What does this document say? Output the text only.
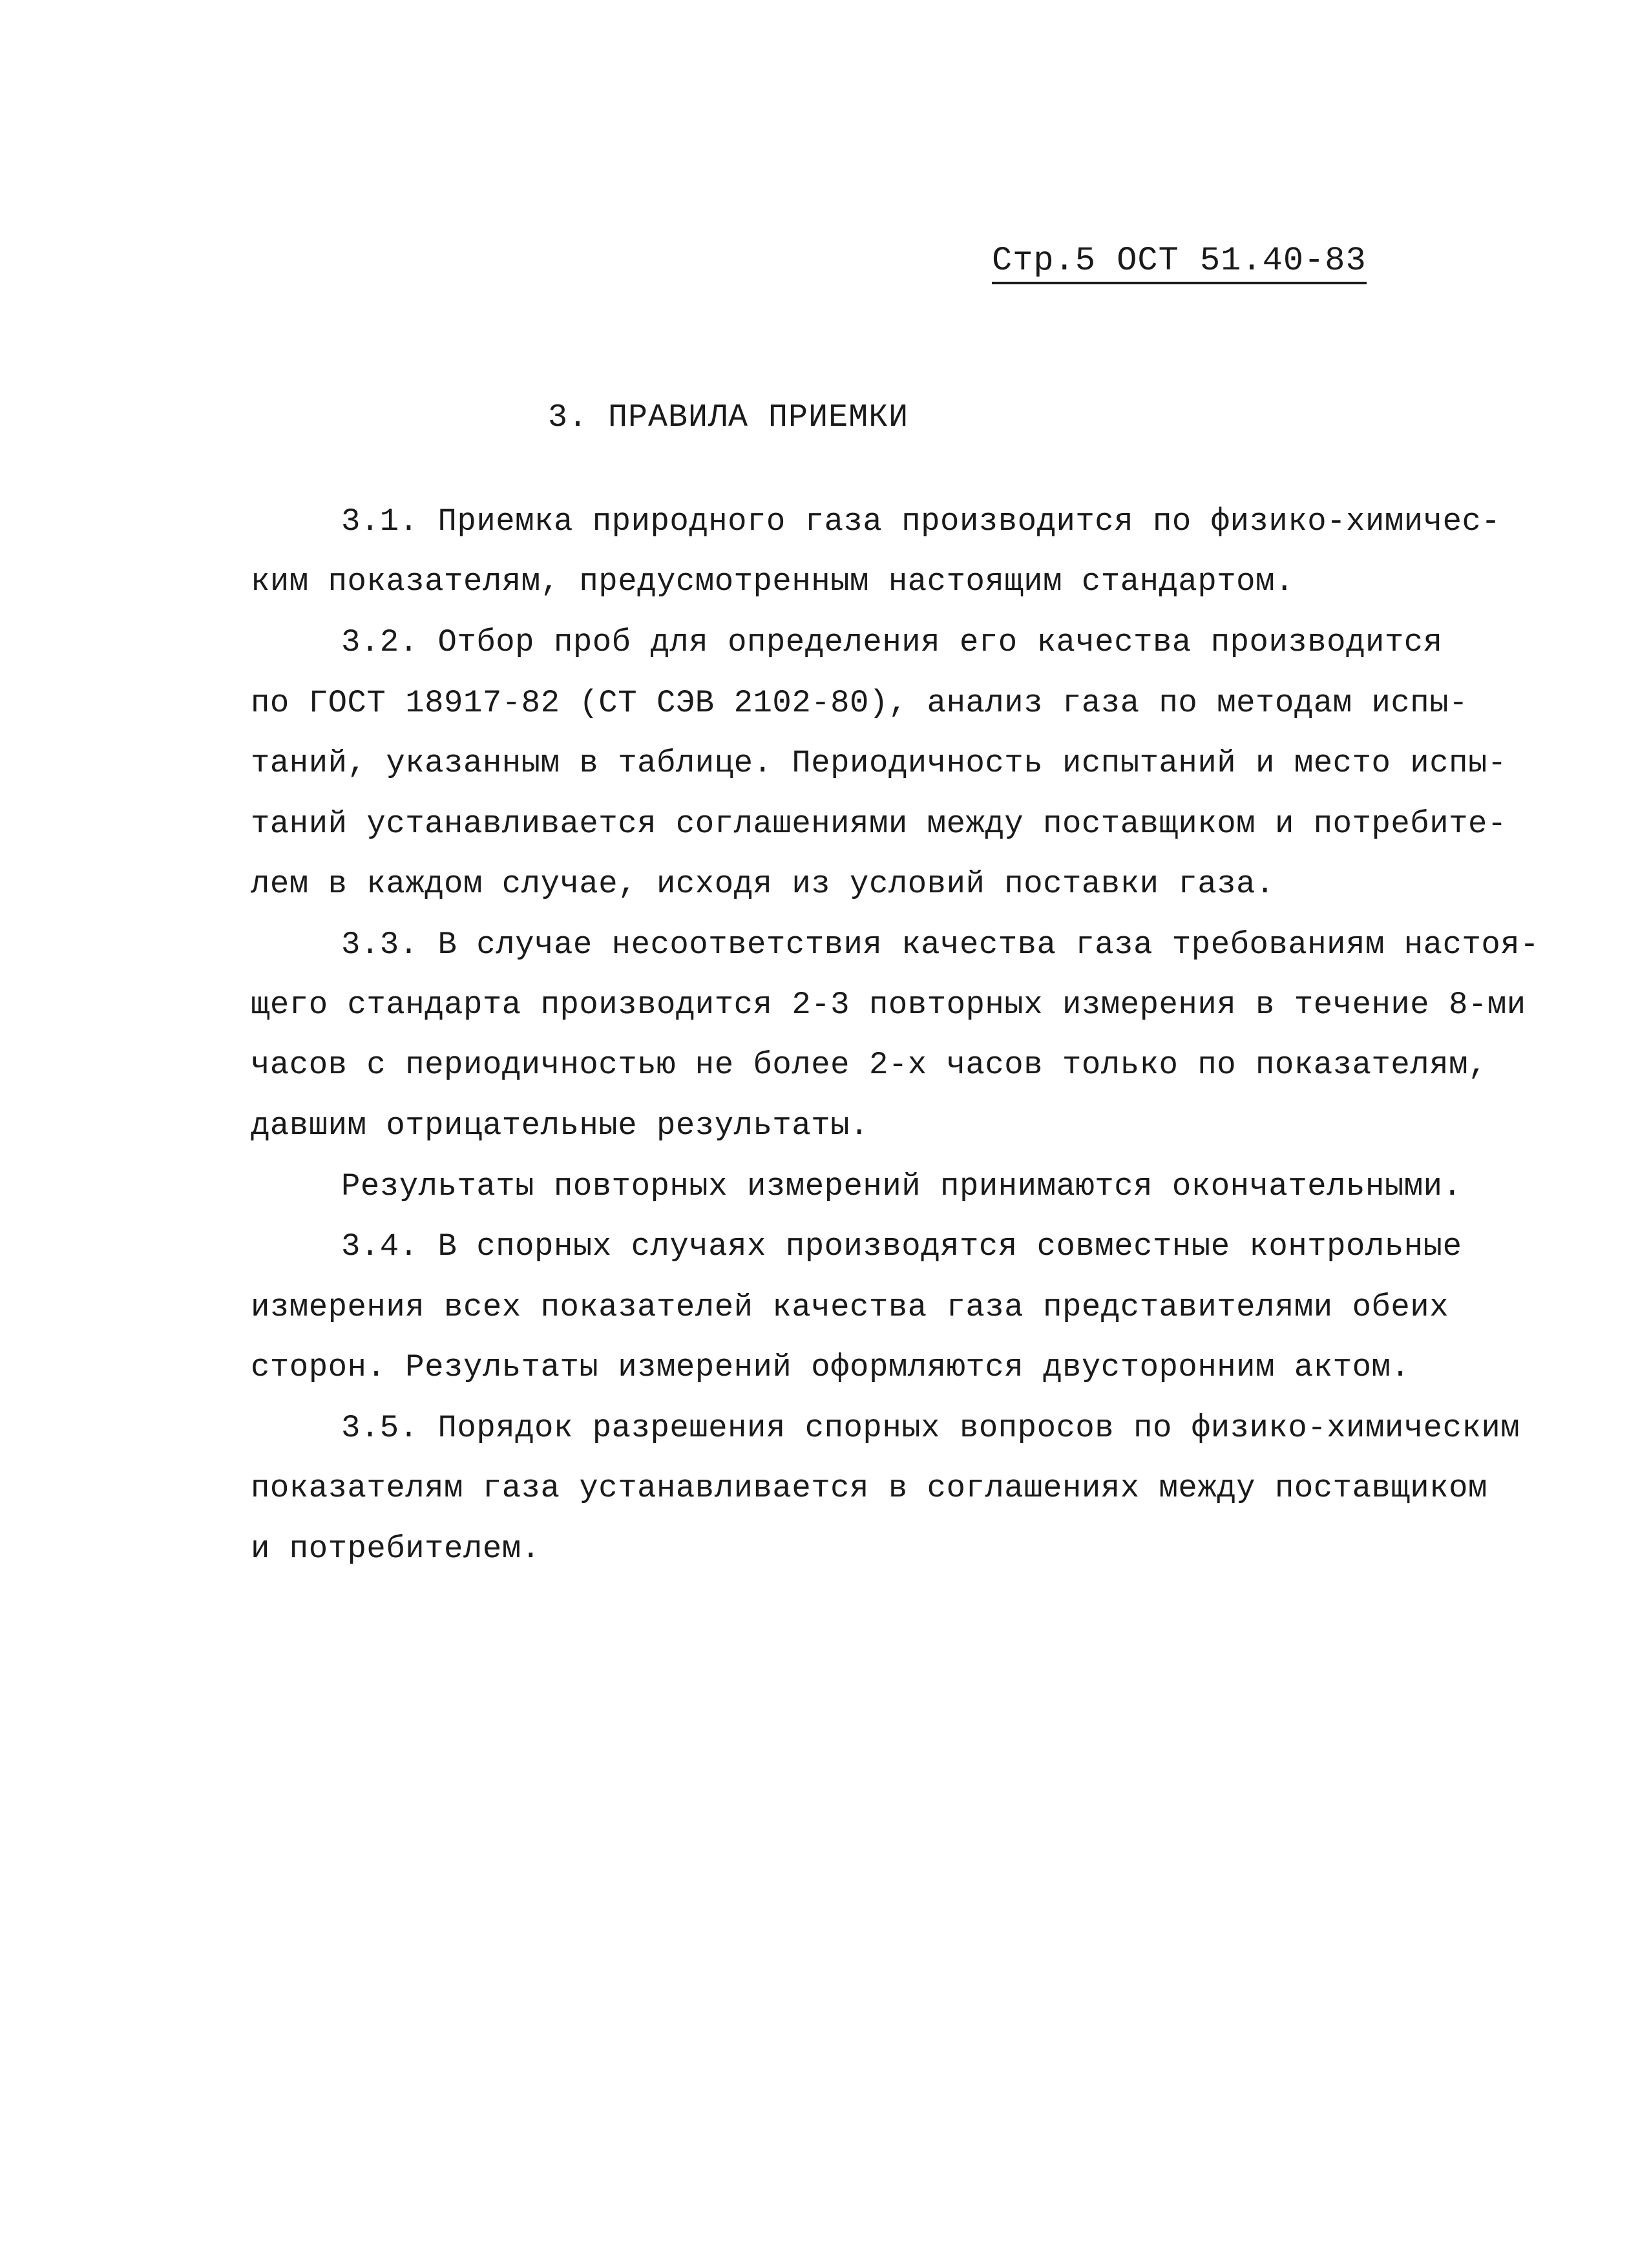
Стр.5 ОСТ 51.40-83
3. ПРАВИЛА ПРИЕМКИ
3.1. Приемка природного газа производится по физико-химичес-
ким показателям, предусмотренным настоящим стандартом.
3.2. Отбор проб для определения его качества производится
по ГОСТ 18917-82 (СТ СЭВ 2102-80), анализ газа по методам испы-
таний, указанным в таблице. Периодичность испытаний и место испы-
таний устанавливается соглашениями между поставщиком и потребите-
лем в каждом случае, исходя из условий поставки газа.
3.3. В случае несоответствия качества газа требованиям настоя-
щего стандарта производится 2-3 повторных измерения в течение 8-ми
часов с периодичностью не более 2-х часов только по показателям,
давшим отрицательные результаты.
Результаты повторных измерений принимаются окончательными.
3.4. В спорных случаях производятся совместные контрольные
измерения всех показателей качества газа представителями обеих
сторон. Результаты измерений оформляются двусторонним актом.
3.5. Порядок разрешения спорных вопросов по физико-химическим
показателям газа устанавливается в соглашениях между поставщиком
и потребителем.
